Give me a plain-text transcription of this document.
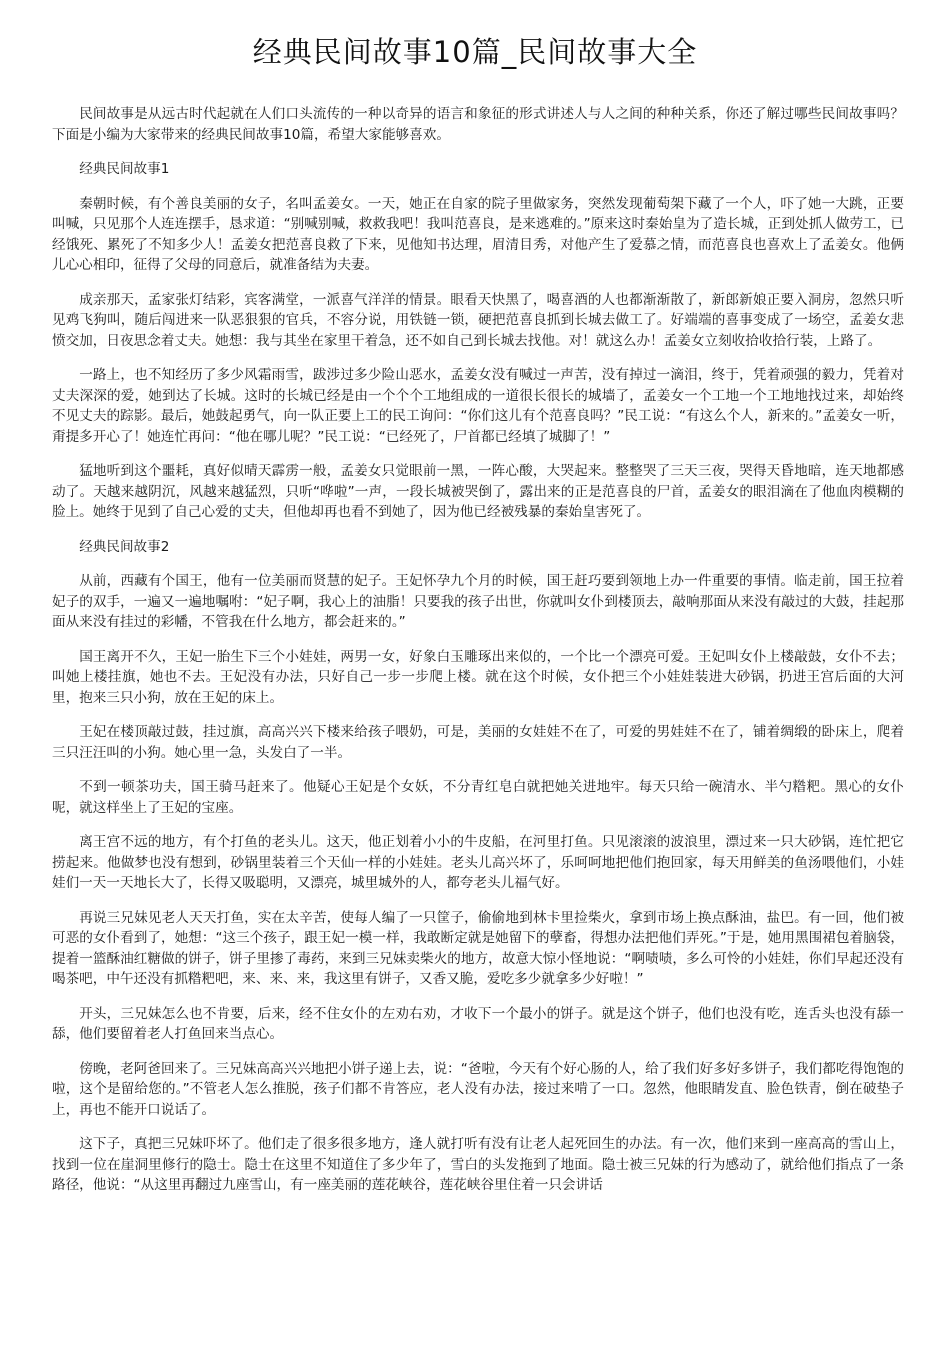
经典民间故事10篇_民间故事大全

民间故事是从远古时代起就在人们口头流传的一种以奇异的语言和象征的形式讲述人与人之间的种种关系，你还了解过哪些民间故事吗？下面是小编为大家带来的经典民间故事10篇，希望大家能够喜欢。

经典民间故事1

秦朝时候，有个善良美丽的女子，名叫孟姜女。一天，她正在自家的院子里做家务，突然发现葡萄架下藏了一个人，吓了她一大跳，正要叫喊，只见那个人连连摆手，恳求道：“别喊别喊，救救我吧！我叫范喜良，是来逃难的。”原来这时秦始皇为了造长城，正到处抓人做劳工，已经饿死、累死了不知多少人！孟姜女把范喜良救了下来，见他知书达理，眉清目秀，对他产生了爱慕之情，而范喜良也喜欢上了孟姜女。他俩儿心心相印，征得了父母的同意后，就准备结为夫妻。

成亲那天，孟家张灯结彩，宾客满堂，一派喜气洋洋的情景。眼看天快黑了，喝喜酒的人也都渐渐散了，新郎新娘正要入洞房，忽然只听见鸡飞狗叫，随后闯进来一队恶狠狠的官兵，不容分说，用铁链一锁，硬把范喜良抓到长城去做工了。好端端的喜事变成了一场空，孟姜女悲愤交加，日夜思念着丈夫。她想：我与其坐在家里干着急，还不如自己到长城去找他。对！就这么办！孟姜女立刻收拾收拾行装，上路了。

一路上，也不知经历了多少风霜雨雪，跋涉过多少险山恶水，孟姜女没有喊过一声苦，没有掉过一滴泪，终于，凭着顽强的毅力，凭着对丈夫深深的爱，她到达了长城。这时的长城已经是由一个个个工地组成的一道很长很长的城墙了，孟姜女一个工地一个工地地找过来，却始终不见丈夫的踪影。最后，她鼓起勇气，向一队正要上工的民工询问：“你们这儿有个范喜良吗？”民工说：“有这么个人，新来的。”孟姜女一听，甭提多开心了！她连忙再问：“他在哪儿呢？”民工说：“已经死了，尸首都已经填了城脚了！”

猛地听到这个噩耗，真好似晴天霹雳一般，孟姜女只觉眼前一黑，一阵心酸，大哭起来。整整哭了三天三夜，哭得天昏地暗，连天地都感动了。天越来越阴沉，风越来越猛烈，只听“哗啦”一声，一段长城被哭倒了，露出来的正是范喜良的尸首，孟姜女的眼泪滴在了他血肉模糊的脸上。她终于见到了自己心爱的丈夫，但他却再也看不到她了，因为他已经被残暴的秦始皇害死了。

经典民间故事2

从前，西藏有个国王，他有一位美丽而贤慧的妃子。王妃怀孕九个月的时候，国王赶巧要到领地上办一件重要的事情。临走前，国王拉着妃子的双手，一遍又一遍地嘱咐：“妃子啊，我心上的油脂！只要我的孩子出世，你就叫女仆到楼顶去，敲响那面从来没有敲过的大鼓，挂起那面从来没有挂过的彩幡，不管我在什么地方，都会赶来的。”

国王离开不久，王妃一胎生下三个小娃娃，两男一女，好象白玉雕琢出来似的，一个比一个漂亮可爱。王妃叫女仆上楼敲鼓，女仆不去；叫她上楼挂旗，她也不去。王妃没有办法，只好自己一步一步爬上楼。就在这个时候，女仆把三个小娃娃装进大砂锅，扔进王宫后面的大河里，抱来三只小狗，放在王妃的床上。

王妃在楼顶敲过鼓，挂过旗，高高兴兴下楼来给孩子喂奶，可是，美丽的女娃娃不在了，可爱的男娃娃不在了，铺着绸缎的卧床上，爬着三只汪汪叫的小狗。她心里一急，头发白了一半。

不到一顿茶功夫，国王骑马赶来了。他疑心王妃是个女妖，不分青红皂白就把她关进地牢。每天只给一碗清水、半勺糌粑。黑心的女仆呢，就这样坐上了王妃的宝座。

离王宫不远的地方，有个打鱼的老头儿。这天，他正划着小小的牛皮船，在河里打鱼。只见滚滚的波浪里，漂过来一只大砂锅，连忙把它捞起来。他做梦也没有想到，砂锅里装着三个天仙一样的小娃娃。老头儿高兴坏了，乐呵呵地把他们抱回家，每天用鲜美的鱼汤喂他们，小娃娃们一天一天地长大了，长得又吸聪明，又漂亮，城里城外的人，都夸老头儿福气好。

再说三兄妹见老人天天打鱼，实在太辛苦，使每人编了一只筐子，偷偷地到林卡里捡柴火，拿到市场上换点酥油，盐巴。有一回，他们被可恶的女仆看到了，她想：“这三个孩子，跟王妃一模一样，我敢断定就是她留下的孽畜，得想办法把他们弄死。”于是，她用黑围裙包着脑袋，提着一篮酥油红糖做的饼子，饼子里掺了毒药，来到三兄妹卖柴火的地方，故意大惊小怪地说：“啊啧啧，多么可怜的小娃娃，你们早起还没有喝茶吧，中午还没有抓糌粑吧，来、来、来，我这里有饼子，又香又脆，爱吃多少就拿多少好啦！”

开头，三兄妹怎么也不肯要，后来，经不住女仆的左劝右劝，才收下一个最小的饼子。就是这个饼子，他们也没有吃，连舌头也没有舔一舔，他们要留着老人打鱼回来当点心。

傍晚，老阿爸回来了。三兄妹高高兴兴地把小饼子递上去，说：“爸啦，今天有个好心肠的人，给了我们好多好多饼子，我们都吃得饱饱的啦，这个是留给您的。”不管老人怎么推脱，孩子们都不肯答应，老人没有办法，接过来啃了一口。忽然，他眼睛发直、脸色铁青，倒在破垫子上，再也不能开口说话了。

这下子，真把三兄妹吓坏了。他们走了很多很多地方，逢人就打听有没有让老人起死回生的办法。有一次，他们来到一座高高的雪山上，找到一位在崖洞里修行的隐士。隐士在这里不知道住了多少年了，雪白的头发拖到了地面。隐士被三兄妹的行为感动了，就给他们指点了一条路径，他说：“从这里再翻过九座雪山，有一座美丽的莲花峡谷，莲花峡谷里住着一只会讲话
